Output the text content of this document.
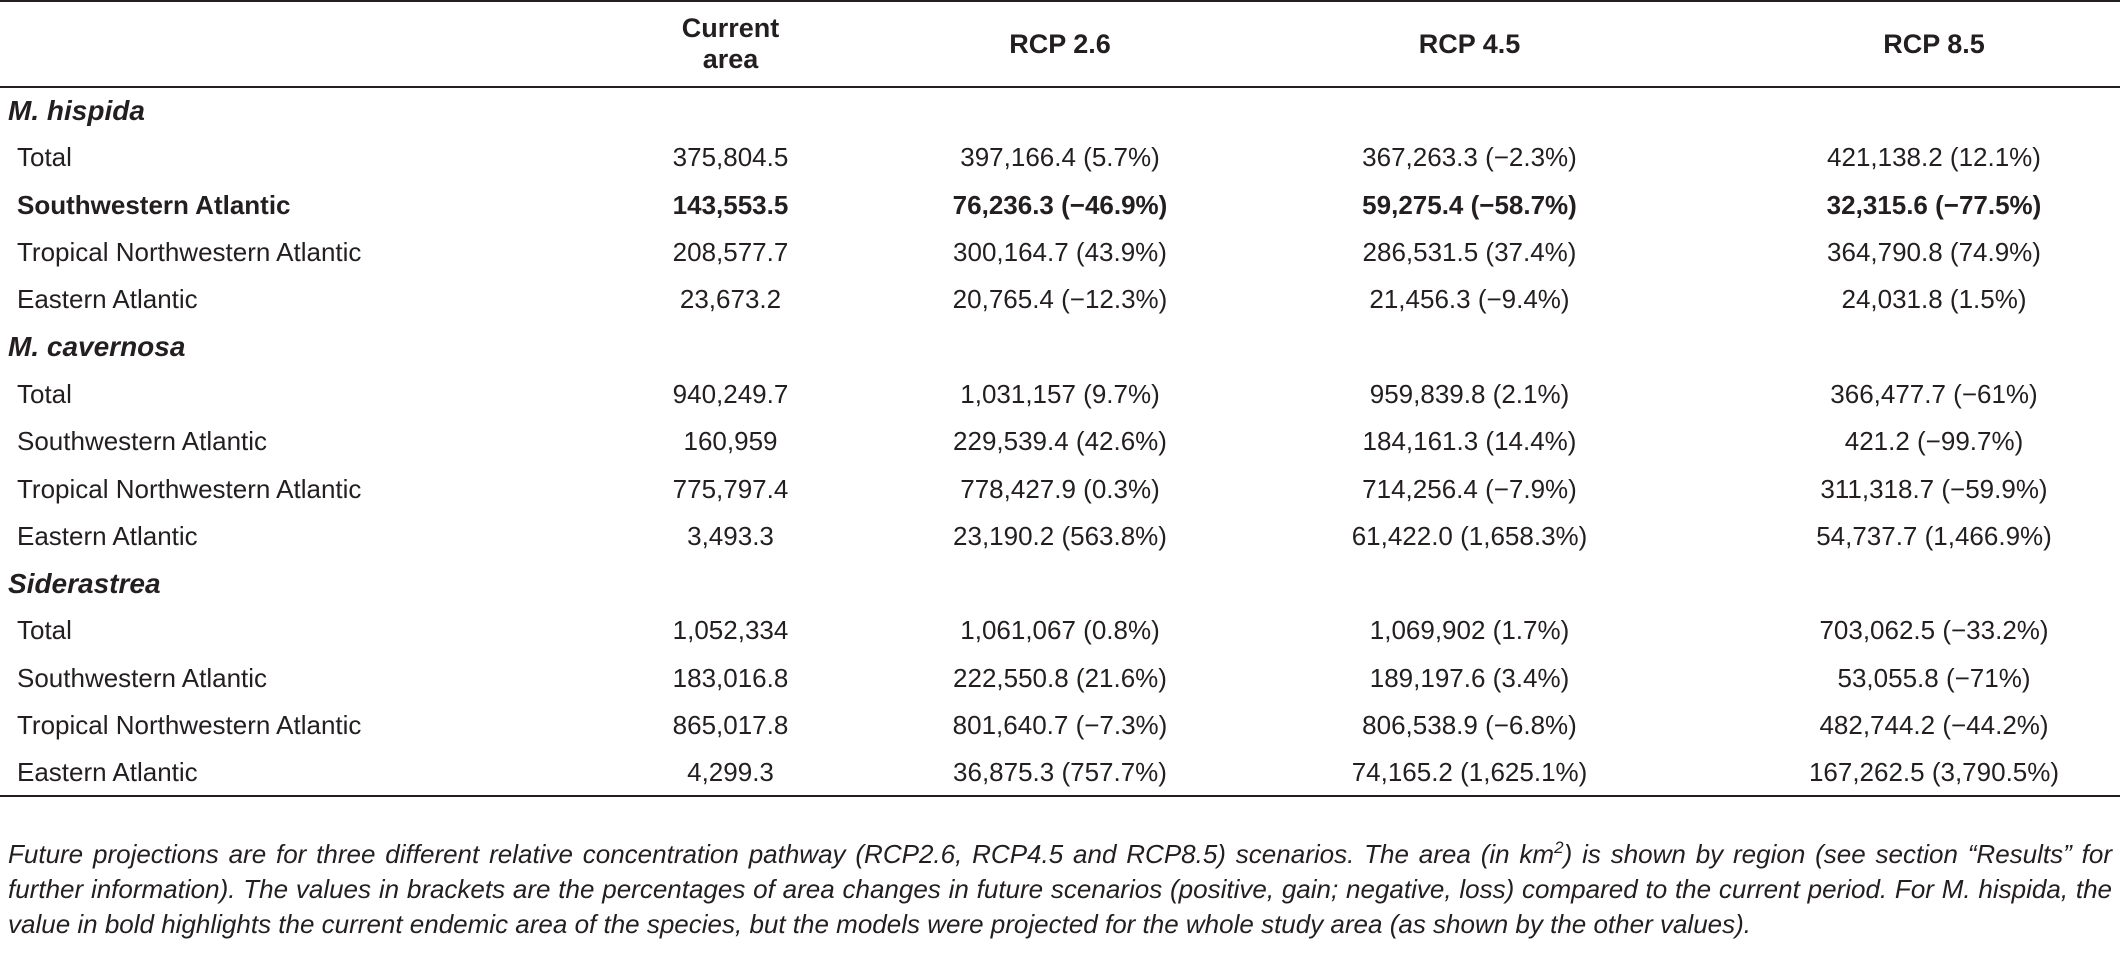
	Current area	RCP 2.6	RCP 4.5	RCP 8.5
M. hispida				
Total	375,804.5	397,166.4 (5.7%)	367,263.3 (−2.3%)	421,138.2 (12.1%)
Southwestern Atlantic	143,553.5	76,236.3 (−46.9%)	59,275.4 (−58.7%)	32,315.6 (−77.5%)
Tropical Northwestern Atlantic	208,577.7	300,164.7 (43.9%)	286,531.5 (37.4%)	364,790.8 (74.9%)
Eastern Atlantic	23,673.2	20,765.4 (−12.3%)	21,456.3 (−9.4%)	24,031.8 (1.5%)
M. cavernosa				
Total	940,249.7	1,031,157 (9.7%)	959,839.8 (2.1%)	366,477.7 (−61%)
Southwestern Atlantic	160,959	229,539.4 (42.6%)	184,161.3 (14.4%)	421.2 (−99.7%)
Tropical Northwestern Atlantic	775,797.4	778,427.9 (0.3%)	714,256.4 (−7.9%)	311,318.7 (−59.9%)
Eastern Atlantic	3,493.3	23,190.2 (563.8%)	61,422.0 (1,658.3%)	54,737.7 (1,466.9%)
Siderastrea				
Total	1,052,334	1,061,067 (0.8%)	1,069,902 (1.7%)	703,062.5 (−33.2%)
Southwestern Atlantic	183,016.8	222,550.8 (21.6%)	189,197.6 (3.4%)	53,055.8 (−71%)
Tropical Northwestern Atlantic	865,017.8	801,640.7 (−7.3%)	806,538.9 (−6.8%)	482,744.2 (−44.2%)
Eastern Atlantic	4,299.3	36,875.3 (757.7%)	74,165.2 (1,625.1%)	167,262.5 (3,790.5%)
Future projections are for three different relative concentration pathway (RCP2.6, RCP4.5 and RCP8.5) scenarios. The area (in $km^2$) is shown by region (see section “Results” for further information). The values in brackets are the percentages of area changes in future scenarios (positive, gain; negative, loss) compared to the current period. For M. hispida, the value in bold highlights the current endemic area of the species, but the models were projected for the whole study area (as shown by the other values).
